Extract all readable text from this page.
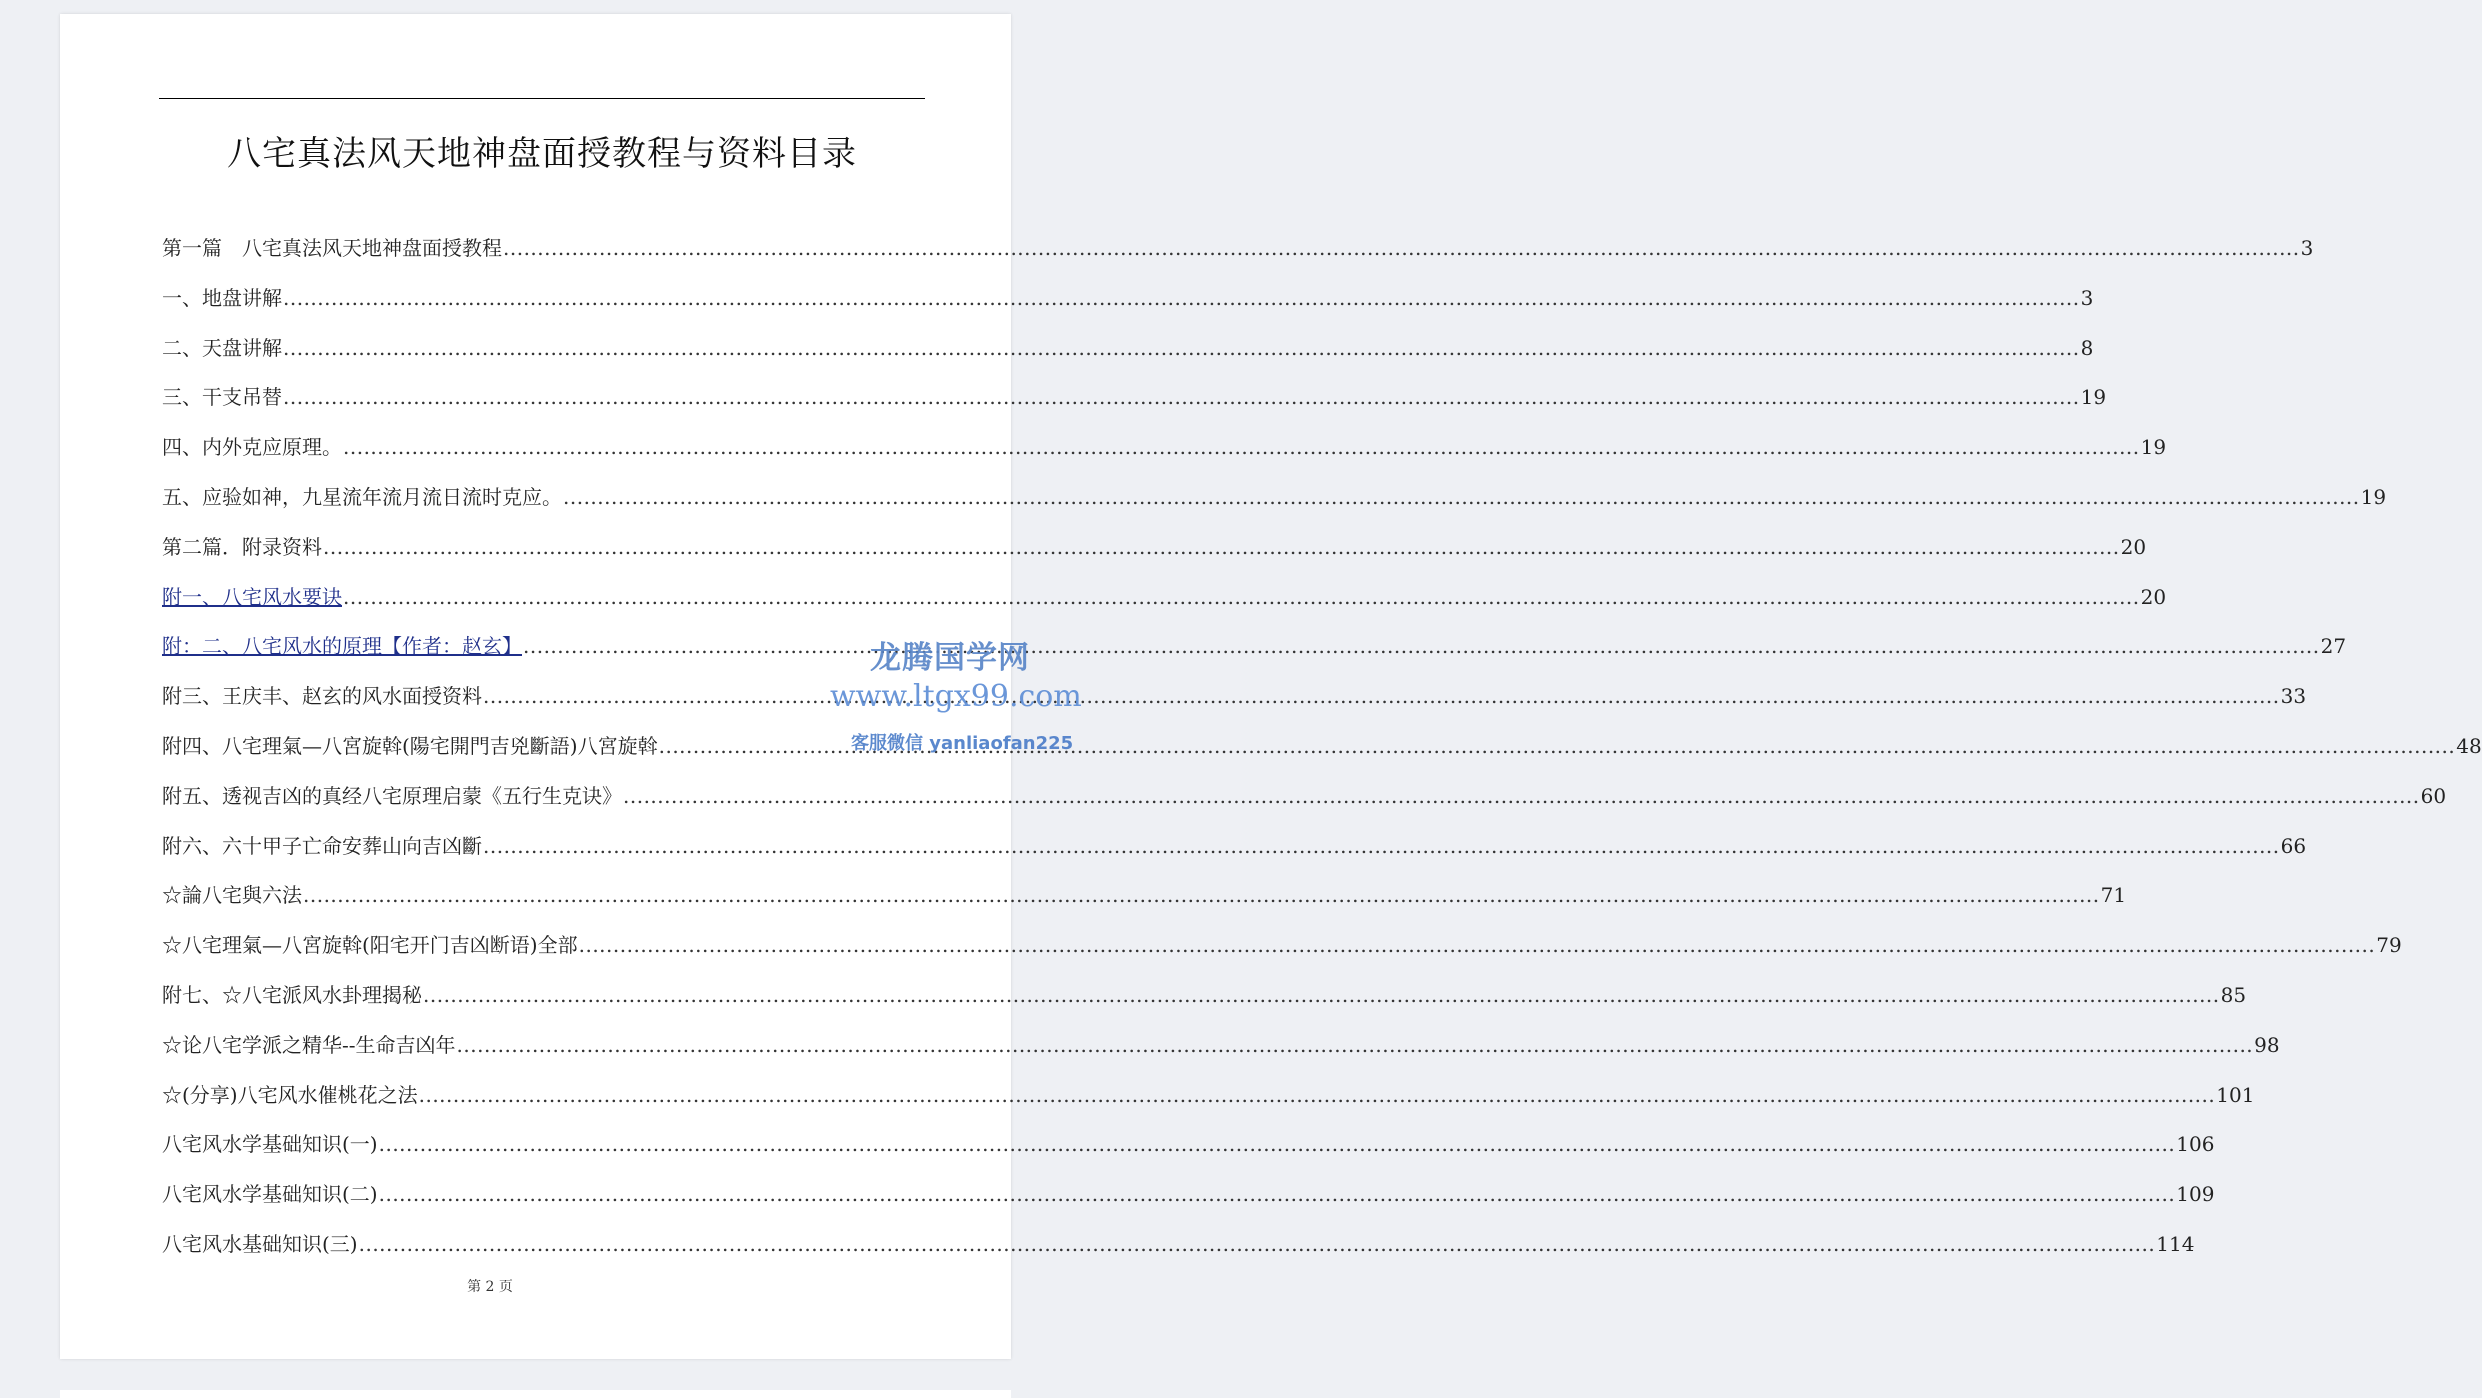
八宅真法风天地神盘面授教程与资料目录
第一篇　八宅真法风天地神盘面授教程 .....	3
一、地盘讲解 .....	3
二、天盘讲解 .....	8
三、干支吊替 .....	19
四、内外克应原理。 .....	19
五、应验如神，九星流年流月流日流时克应。 .....	19
第二篇．附录资料 .....	20
附一、八宅风水要诀 .....	20
附：二、八宅风水的原理【作者：赵玄】 .....	27
附三、王庆丰、赵玄的风水面授资料 .....	33
附四、八宅理氣—八宮旋斡(陽宅開門吉兇斷語)八宮旋斡 .....	48
附五、透视吉凶的真经八宅原理启蒙《五行生克诀》 .....	60
附六、六十甲子亡命安葬山向吉凶斷 .....	66
☆論八宅與六法 .....	71
☆八宅理氣—八宮旋斡(阳宅开门吉凶断语)全部 .....	79
附七、☆八宅派风水卦理揭秘 .....	85
☆论八宅学派之精华--生命吉凶年 .....	98
☆(分享)八宅风水催桃花之法 .....	101
八宅风水学基础知识(一) .....	106
八宅风水学基础知识(二) .....	109
八宅风水基础知识(三) .....	114
第 2 页
龙腾国学网
www.ltgx99.com
客服微信 yanliaofan225
